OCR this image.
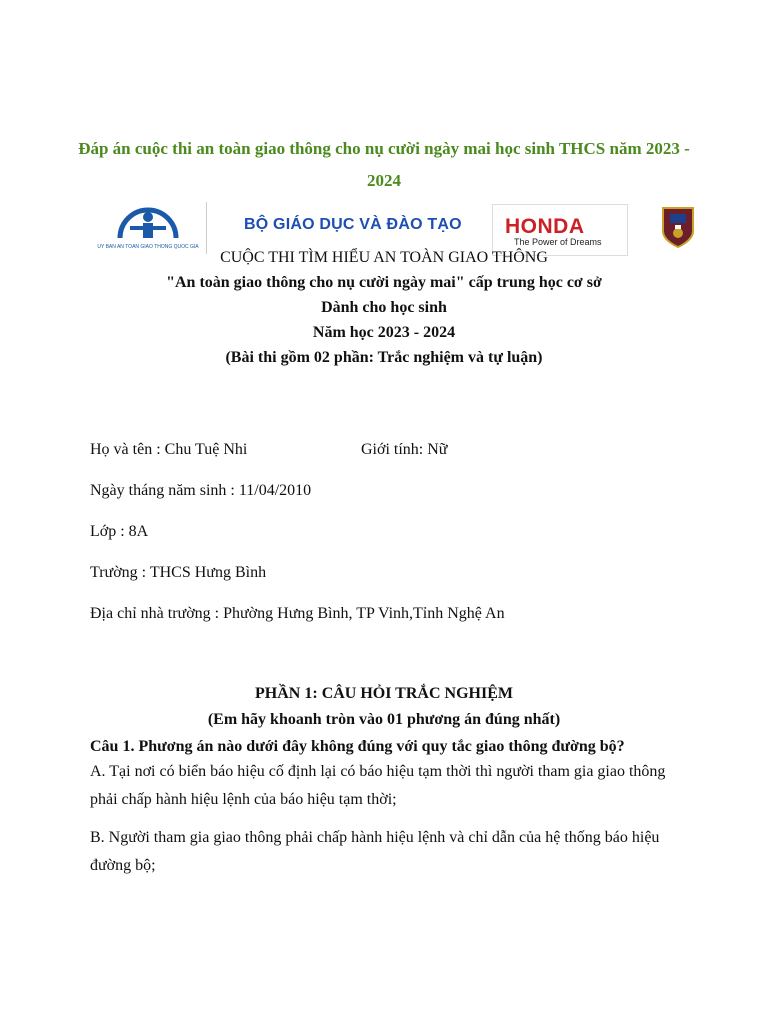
Đáp án cuộc thi an toàn giao thông cho nụ cười ngày mai học sinh THCS năm 2023 - 2024
ỦY BAN AN TOÀN GIAO THÔNG QUỐC GIA
BỘ GIÁO DỤC VÀ ĐÀO TẠO HONDA
The Power of Dreams
CUỘC THI TÌM HIỂU AN TOÀN GIAO THÔNG
"An toàn giao thông cho nụ cười ngày mai" cấp trung học cơ sở
Dành cho học sinh
Năm học 2023 - 2024
(Bài thi gồm 02 phần: Trắc nghiệm và tự luận)
Họ và tên : Chu Tuệ Nhi	Giới tính: Nữ
Ngày tháng năm sinh : 11/04/2010
Lớp : 8A
Trường : THCS Hưng Bình
Địa chỉ nhà trường : Phường Hưng Bình, TP Vinh,Tỉnh Nghệ An
PHẦN 1: CÂU HỎI TRẮC NGHIỆM
(Em hãy khoanh tròn vào 01 phương án đúng nhất)
Câu 1. Phương án nào dưới đây không đúng với quy tắc giao thông đường bộ?
A. Tại nơi có biển báo hiệu cố định lại có báo hiệu tạm thời thì người tham gia giao thông phải chấp hành hiệu lệnh của báo hiệu tạm thời;
B. Người tham gia giao thông phải chấp hành hiệu lệnh và chỉ dẫn của hệ thống báo hiệu đường bộ;
